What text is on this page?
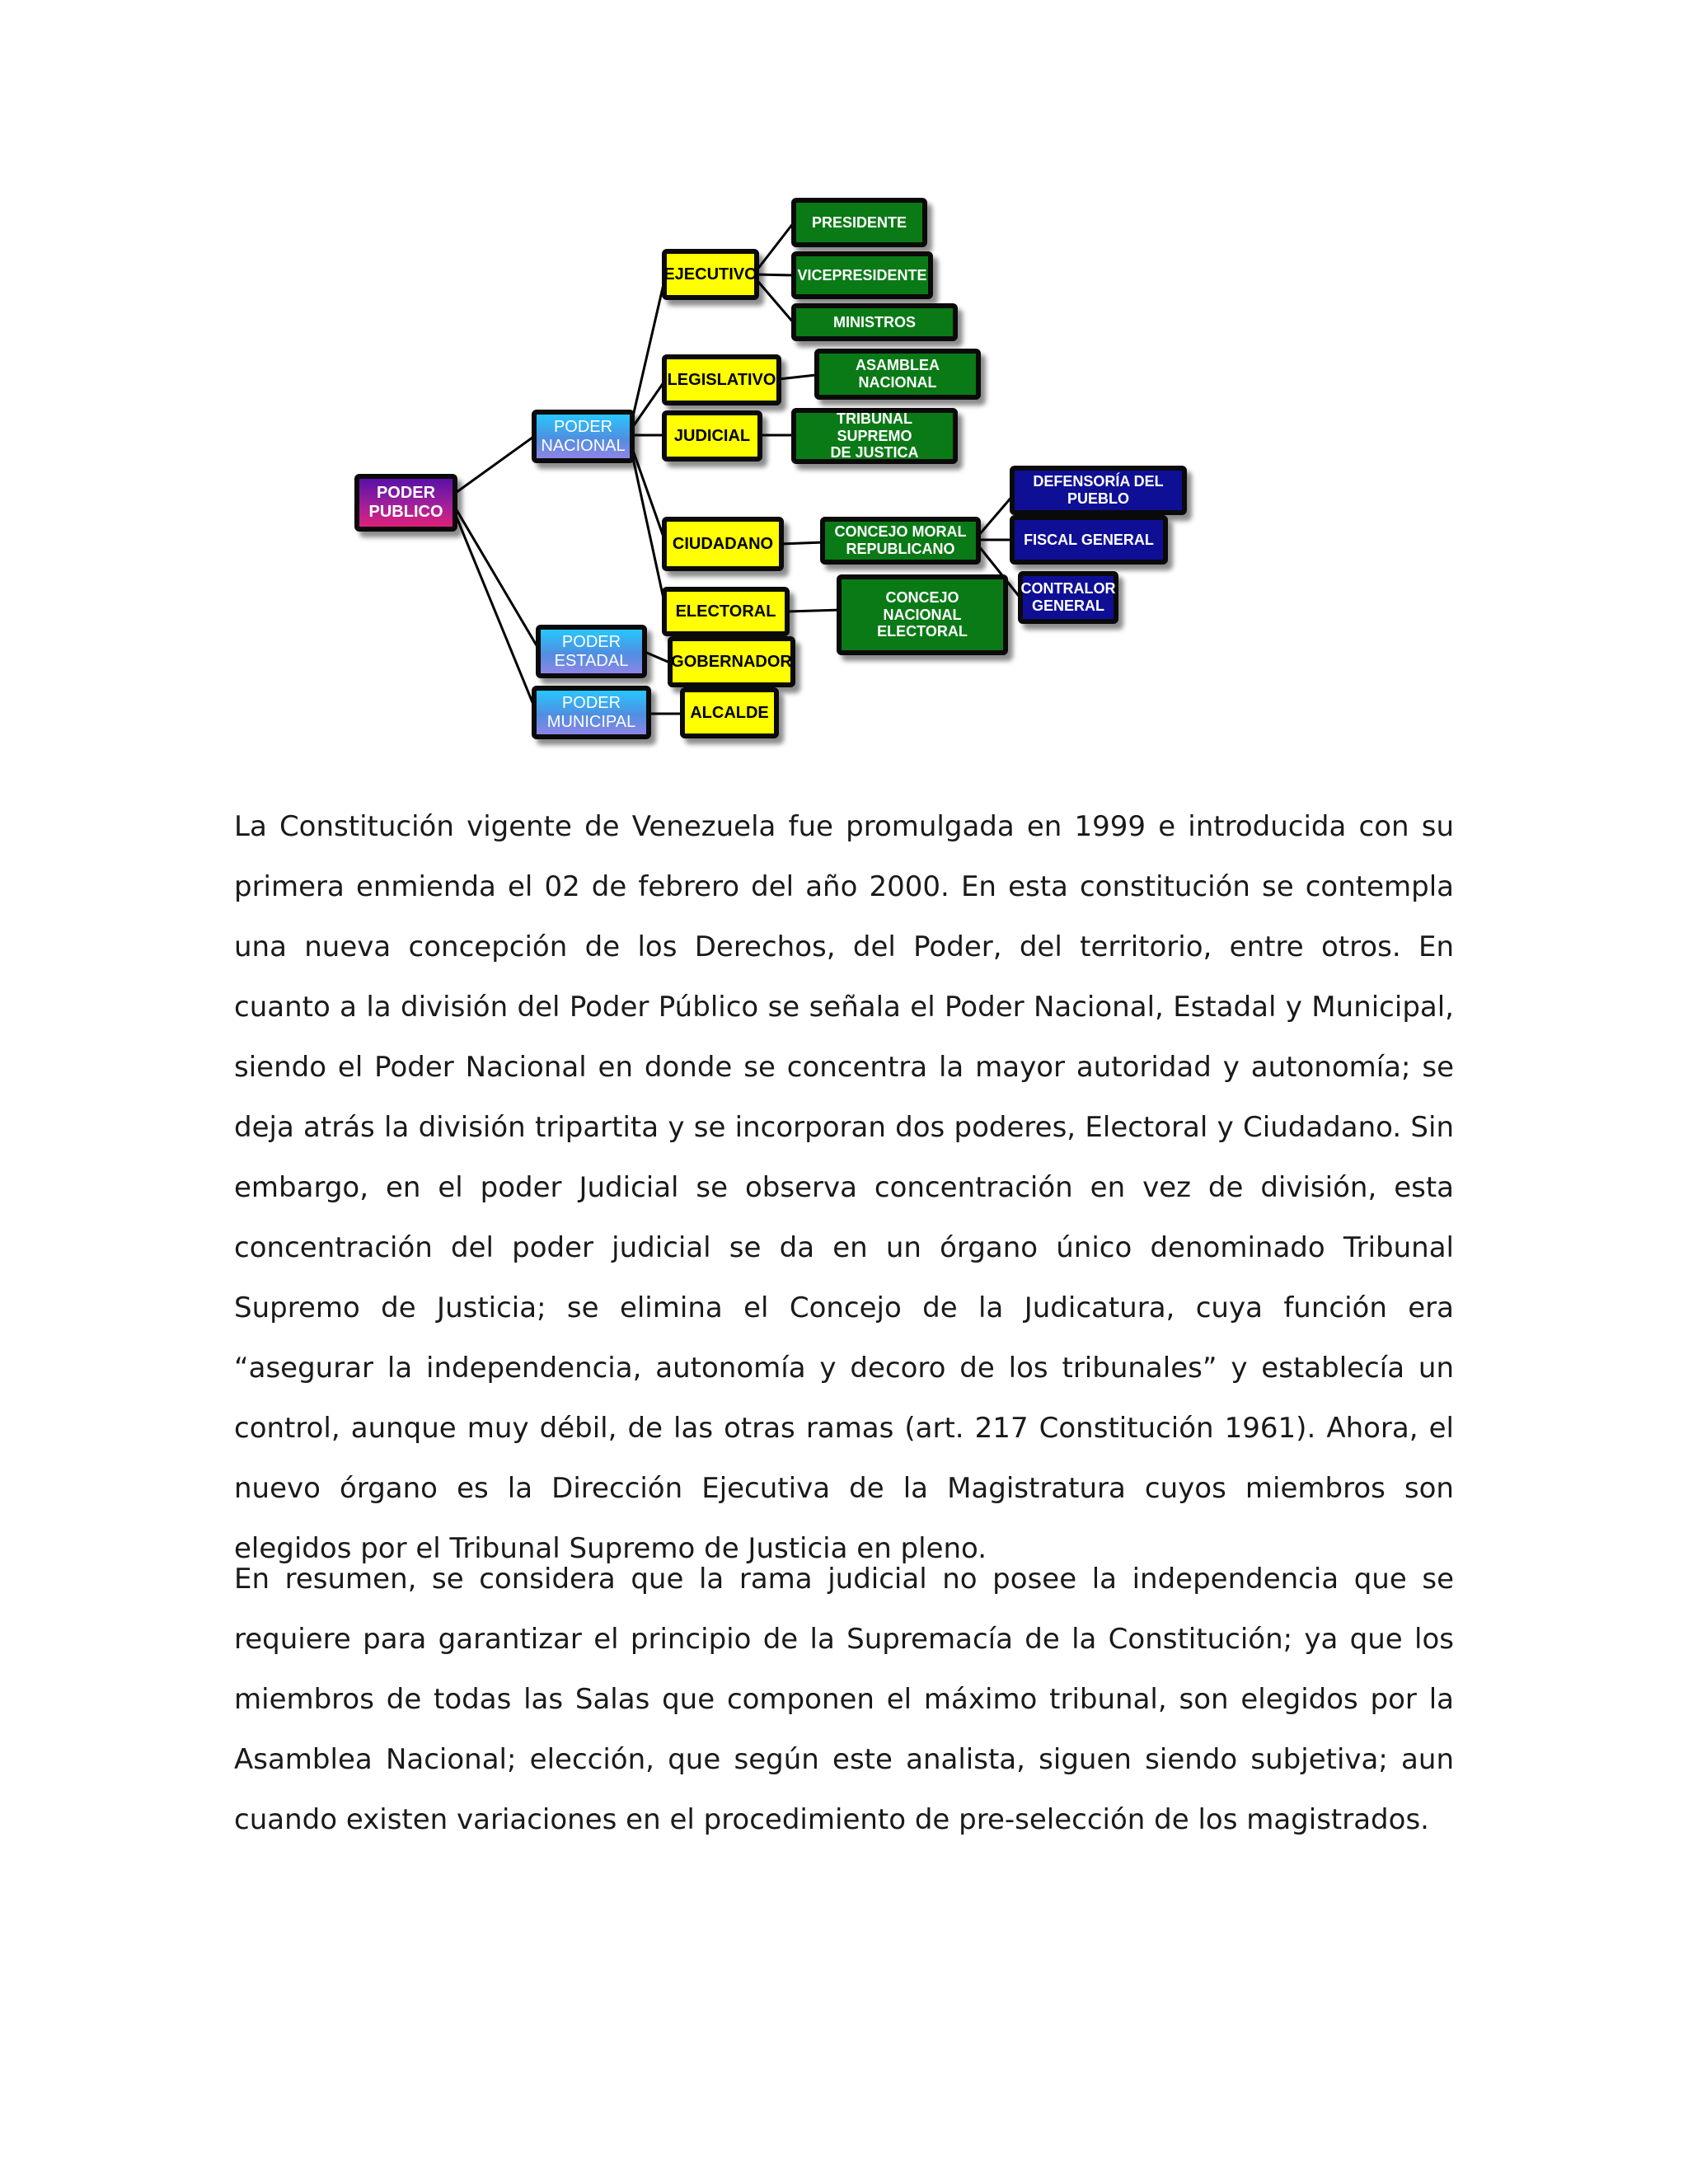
PODER
PUBLICO
PODER
NACIONAL
PODER
ESTADAL
PODER
MUNICIPAL
EJECUTIVO
LEGISLATIVO
JUDICIAL
CIUDADANO
ELECTORAL
GOBERNADOR
ALCALDE
PRESIDENTE
VICEPRESIDENTE
MINISTROS
ASAMBLEA NACIONAL
TRIBUNAL SUPREMO
DE JUSTICA
CONCEJO MORAL
REPUBLICANO
CONCEJO NACIONAL
ELECTORAL
DEFENSORÍA DEL
PUEBLO
FISCAL GENERAL
CONTRALOR
GENERAL

La Constitución vigente de Venezuela fue promulgada en 1999 e introducida con su primera enmienda el 02 de febrero del año 2000. En esta constitución se contempla una nueva concepción de los Derechos, del Poder, del territorio, entre otros. En cuanto a la división del Poder Público se señala el Poder Nacional, Estadal y Municipal, siendo el Poder Nacional en donde se concentra la mayor autoridad y autonomía; se deja atrás la división tripartita y se incorporan dos poderes, Electoral y Ciudadano. Sin embargo, en el poder Judicial se observa concentración en vez de división, esta concentración del poder judicial se da en un órgano único denominado Tribunal Supremo de Justicia; se elimina el Concejo de la Judicatura, cuya función era “asegurar la independencia, autonomía y decoro de los tribunales” y establecía un control, aunque muy débil, de las otras ramas (art. 217 Constitución 1961). Ahora, el nuevo órgano es la Dirección Ejecutiva de la Magistratura cuyos miembros son elegidos por el Tribunal Supremo de Justicia en pleno.

En resumen, se considera que la rama judicial no posee la independencia que se requiere para garantizar el principio de la Supremacía de la Constitución; ya que los miembros de todas las Salas que componen el máximo tribunal, son elegidos por la Asamblea Nacional; elección, que según este analista, siguen siendo subjetiva; aun cuando existen variaciones en el procedimiento de pre-selección de los magistrados.
